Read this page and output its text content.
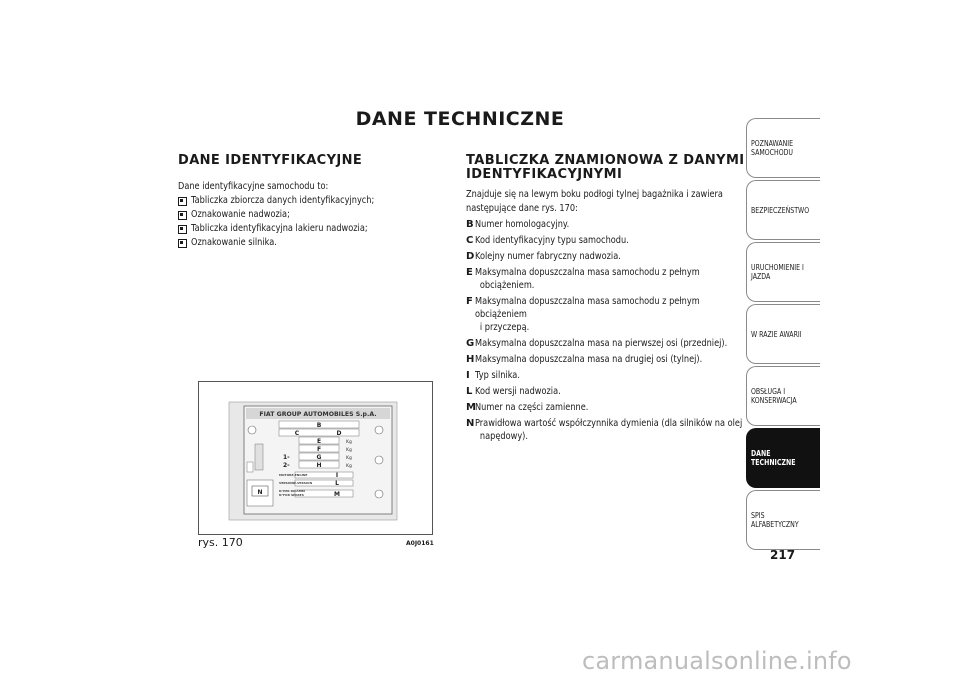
DANE TECHNICZNE
DANE IDENTYFIKACYJNE
Dane identyfikacyjne samochodu to:
Tabliczka zbiorcza danych identyfikacyjnych;
Oznakowanie nadwozia;
Tabliczka identyfikacyjna lakieru nadwozia;
Oznakowanie silnika.
TABLICZKA ZNAMIONOWA Z DANYMI
IDENTYFIKACYJNYMI
Znajduje się na lewym boku podłogi tylnej bagażnika i zawiera
następujące dane rys. 170:
B Numer homologacyjny.
C Kod identyfikacyjny typu samochodu.
D Kolejny numer fabryczny nadwozia.
E Maksymalna dopuszczalna masa samochodu z pełnym
obciążeniem.
F Maksymalna dopuszczalna masa samochodu z pełnym obciążeniem
i przyczepą.
G Maksymalna dopuszczalna masa na pierwszej osi (przedniej).
H Maksymalna dopuszczalna masa na drugiej osi (tylnej).
I Typ silnika.
L Kod wersji nadwozia.
M Numer na części zamienne.
N Prawidłowa wartość współczynnika dymienia (dla silników na olej
napędowy).
FIAT GROUP AUTOMOBILES S.p.A.
B
C	D
E
F
G
H
I
L
M
Kg
Kg
Kg
Kg
1-
2-
MOTORE-ENGINE
VERSIONE-VERSION
N°PER RICAMBI
N°FOR SPARES
N
rys. 170	A0J0161
POZNAWANIE
SAMOCHODU
BEZPIECZEŃSTWO
URUCHOMIENIE I
JAZDA
W RAZIE AWARII
OBSŁUGA I
KONSERWACJA
DANE
TECHNICZNE
SPIS ALFABETYCZNY
217
carmanualsonline.info
